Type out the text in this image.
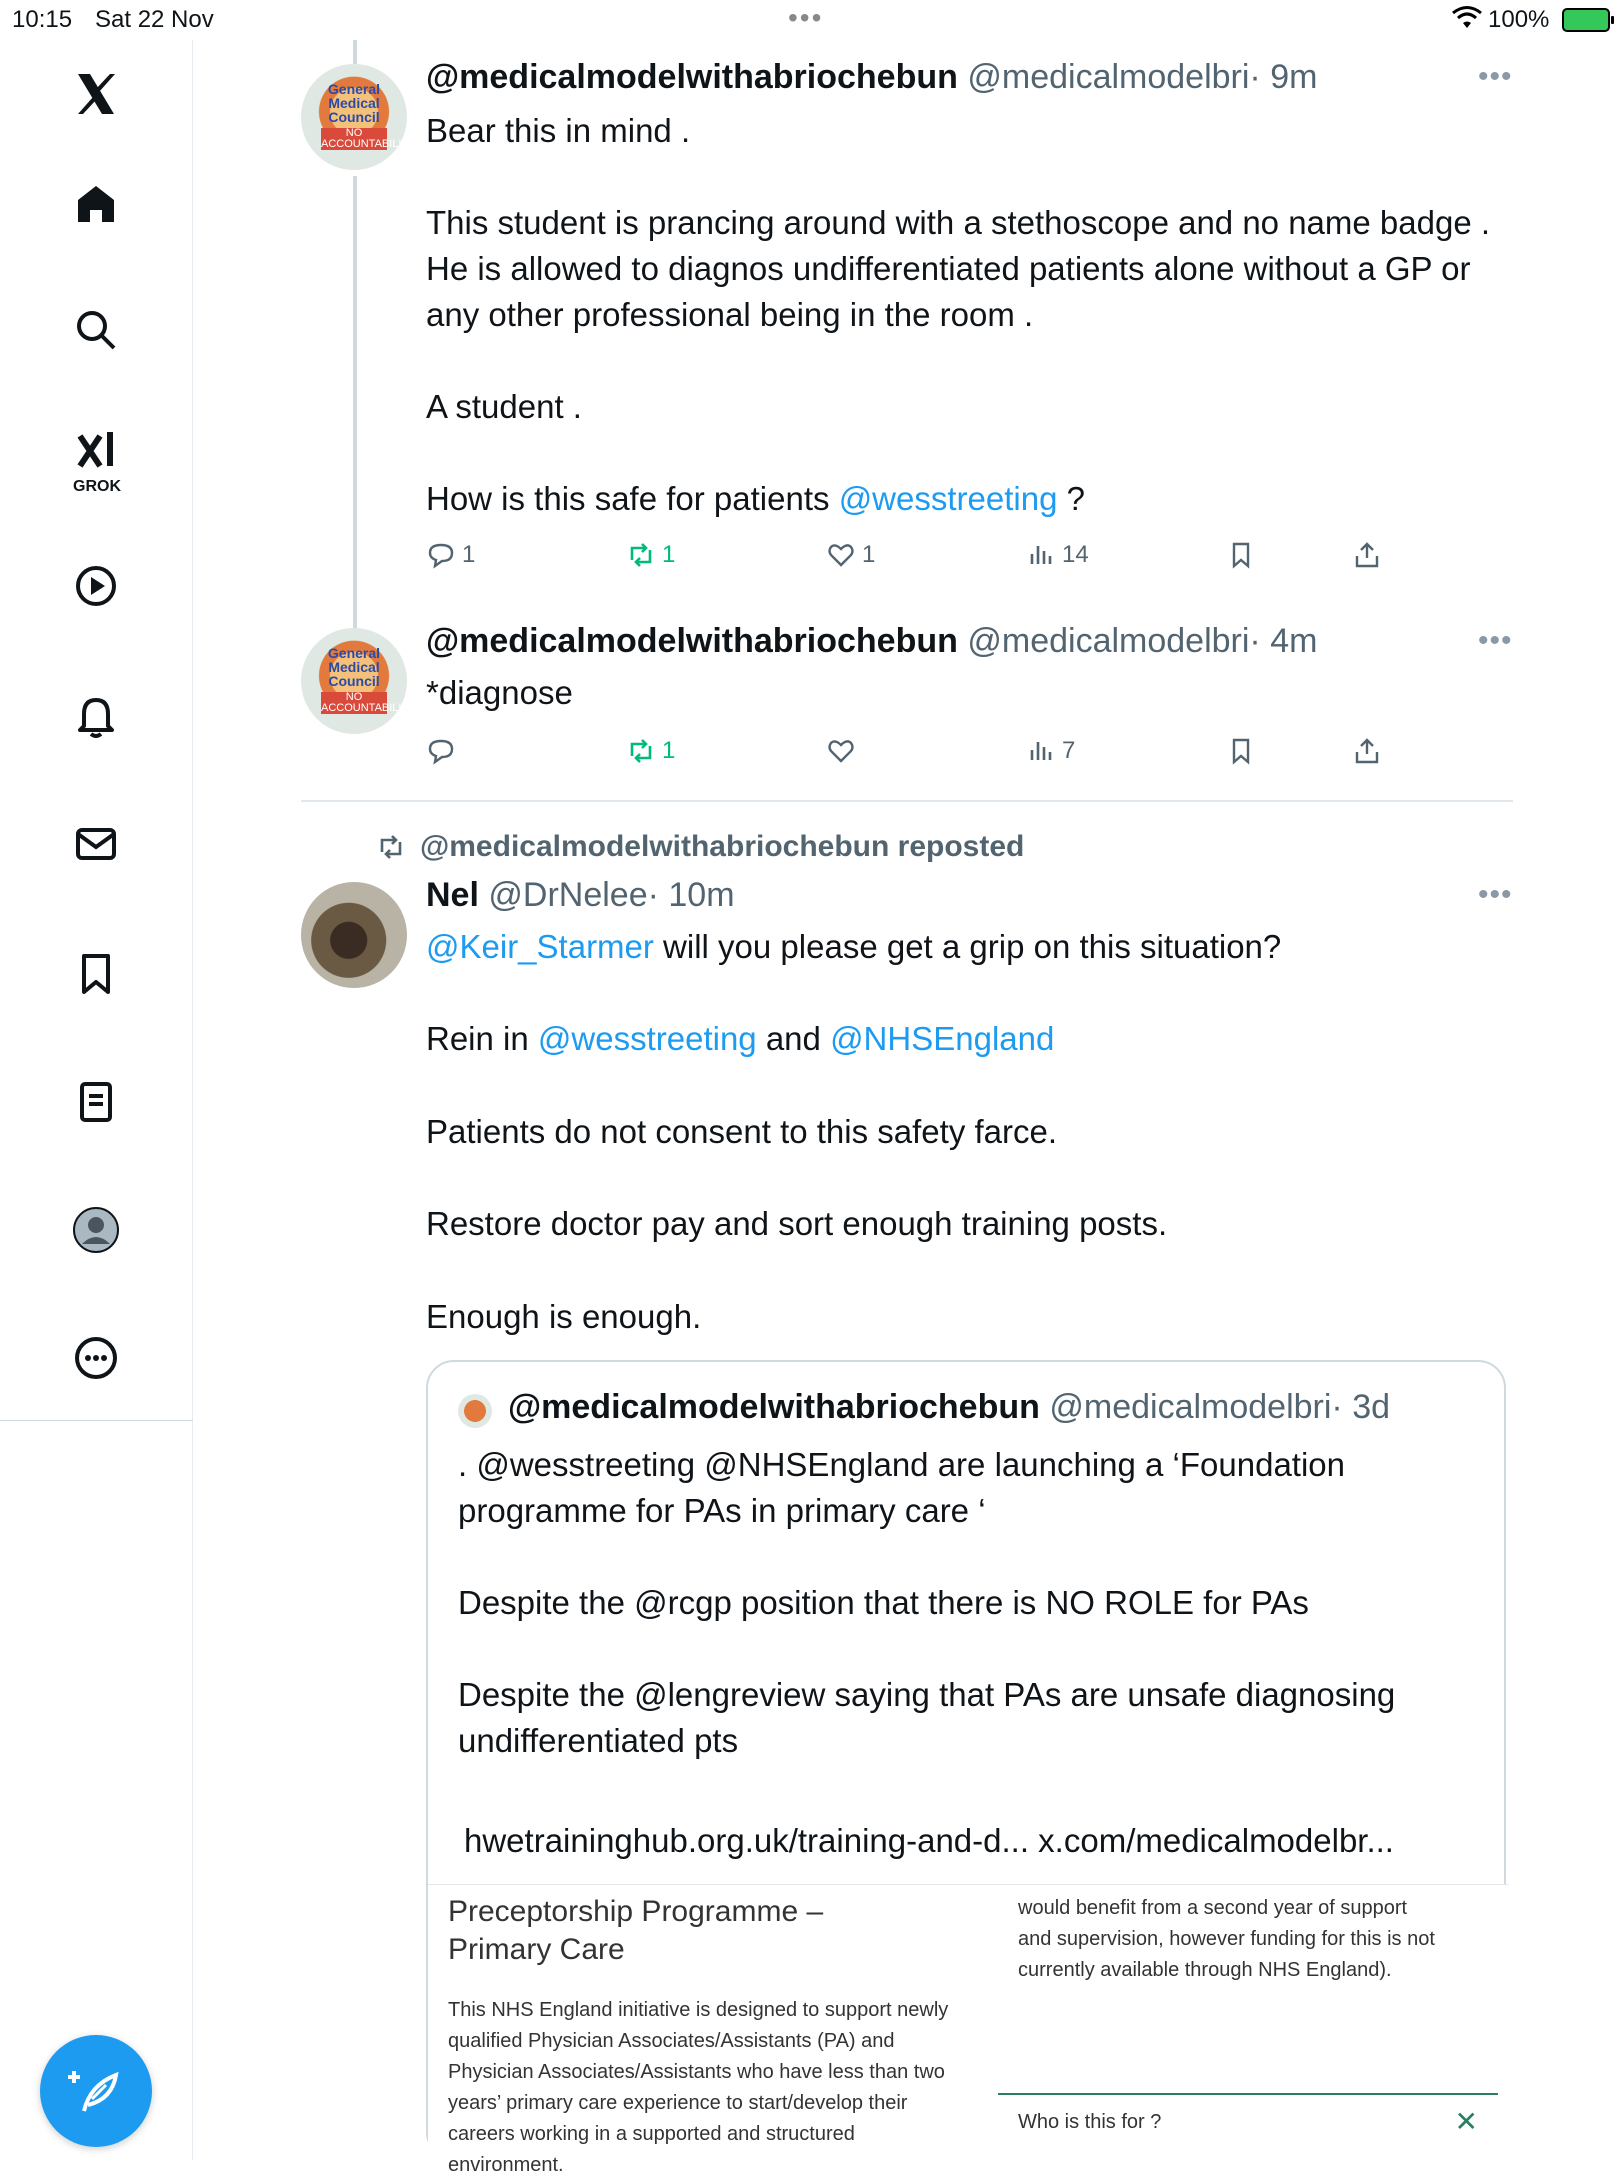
10:15 Sat 22 Nov	•••	100%
GROK
General Medical Council
NO ACCOUNTABILITY
@medicalmodelwithabriochebun @medicalmodelbri· 9m	•••
Bear this in mind .

This student is prancing around with a stethoscope and no name badge . He is allowed to diagnos undifferentiated patients alone without a GP or any other professional being in the room .

A student .

How is this safe for patients @wesstreeting ?
1	1	1	14
General Medical Council
NO ACCOUNTABILITY
@medicalmodelwithabriochebun @medicalmodelbri· 4m	•••
*diagnose
1	7
@medicalmodelwithabriochebun reposted
Nel @DrNelee· 10m	•••
@Keir_Starmer will you please get a grip on this situation?

Rein in @wesstreeting and @NHSEngland
Patients do not consent to this safety farce.
Restore doctor pay and sort enough training posts.
Enough is enough.
@medicalmodelwithabriochebun @medicalmodelbri· 3d
. @wesstreeting @NHSEngland are launching a ‘Foundation programme for PAs in primary care ‘

Despite the @rcgp position that there is NO ROLE for PAs

Despite the @lengreview saying that PAs are unsafe diagnosing undifferentiated pts
hwetraininghub.org.uk/training-and-d... x.com/medicalmodelbr...
Preceptorship Programme –
Primary Care
This NHS England initiative is designed to support newly qualified Physician Associates/Assistants (PA) and Physician Associates/Assistants who have less than two years’ primary care experience to start/develop their careers working in a supported and structured environment.
would benefit from a second year of support and supervision, however funding for this is not currently available through NHS England).
Who is this for ?	✕
